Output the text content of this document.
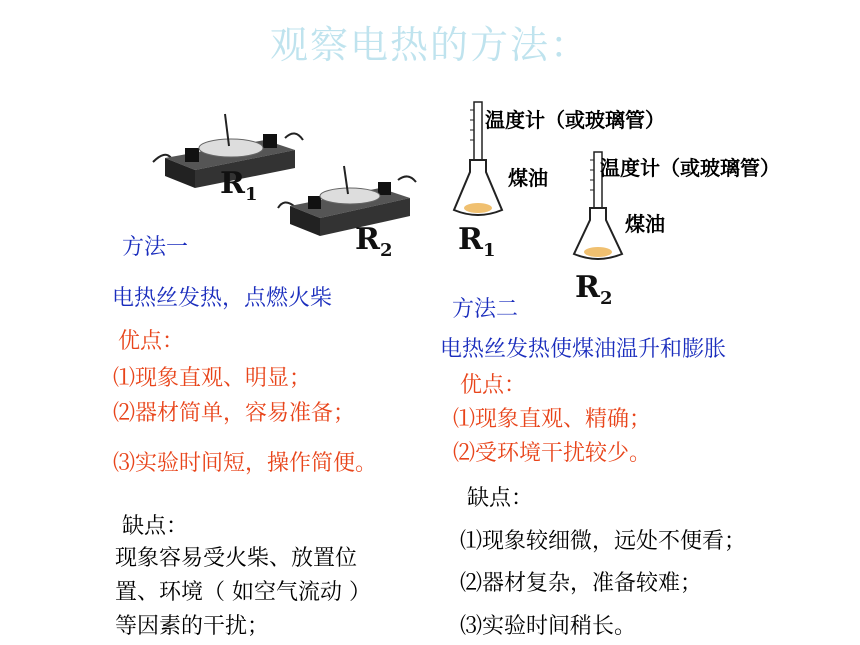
观察电热的方法：
$R_1$
$R_2$
温度计（或玻璃管）
煤油
$R_1$
温度计（或玻璃管）
煤油
$R_2$
方法一
电热丝发热，点燃火柴
优点：
⑴现象直观、明显；
⑵器材简单，容易准备；
⑶实验时间短，操作简便。
缺点：
现象容易受火柴、放置位
置、环境（ 如空气流动 ）
等因素的干扰；
方法二
电热丝发热使煤油温升和膨胀
优点：
⑴现象直观、精确；
⑵受环境干扰较少。
缺点：
⑴现象较细微，远处不便看；
⑵器材复杂，准备较难；
⑶实验时间稍长。
